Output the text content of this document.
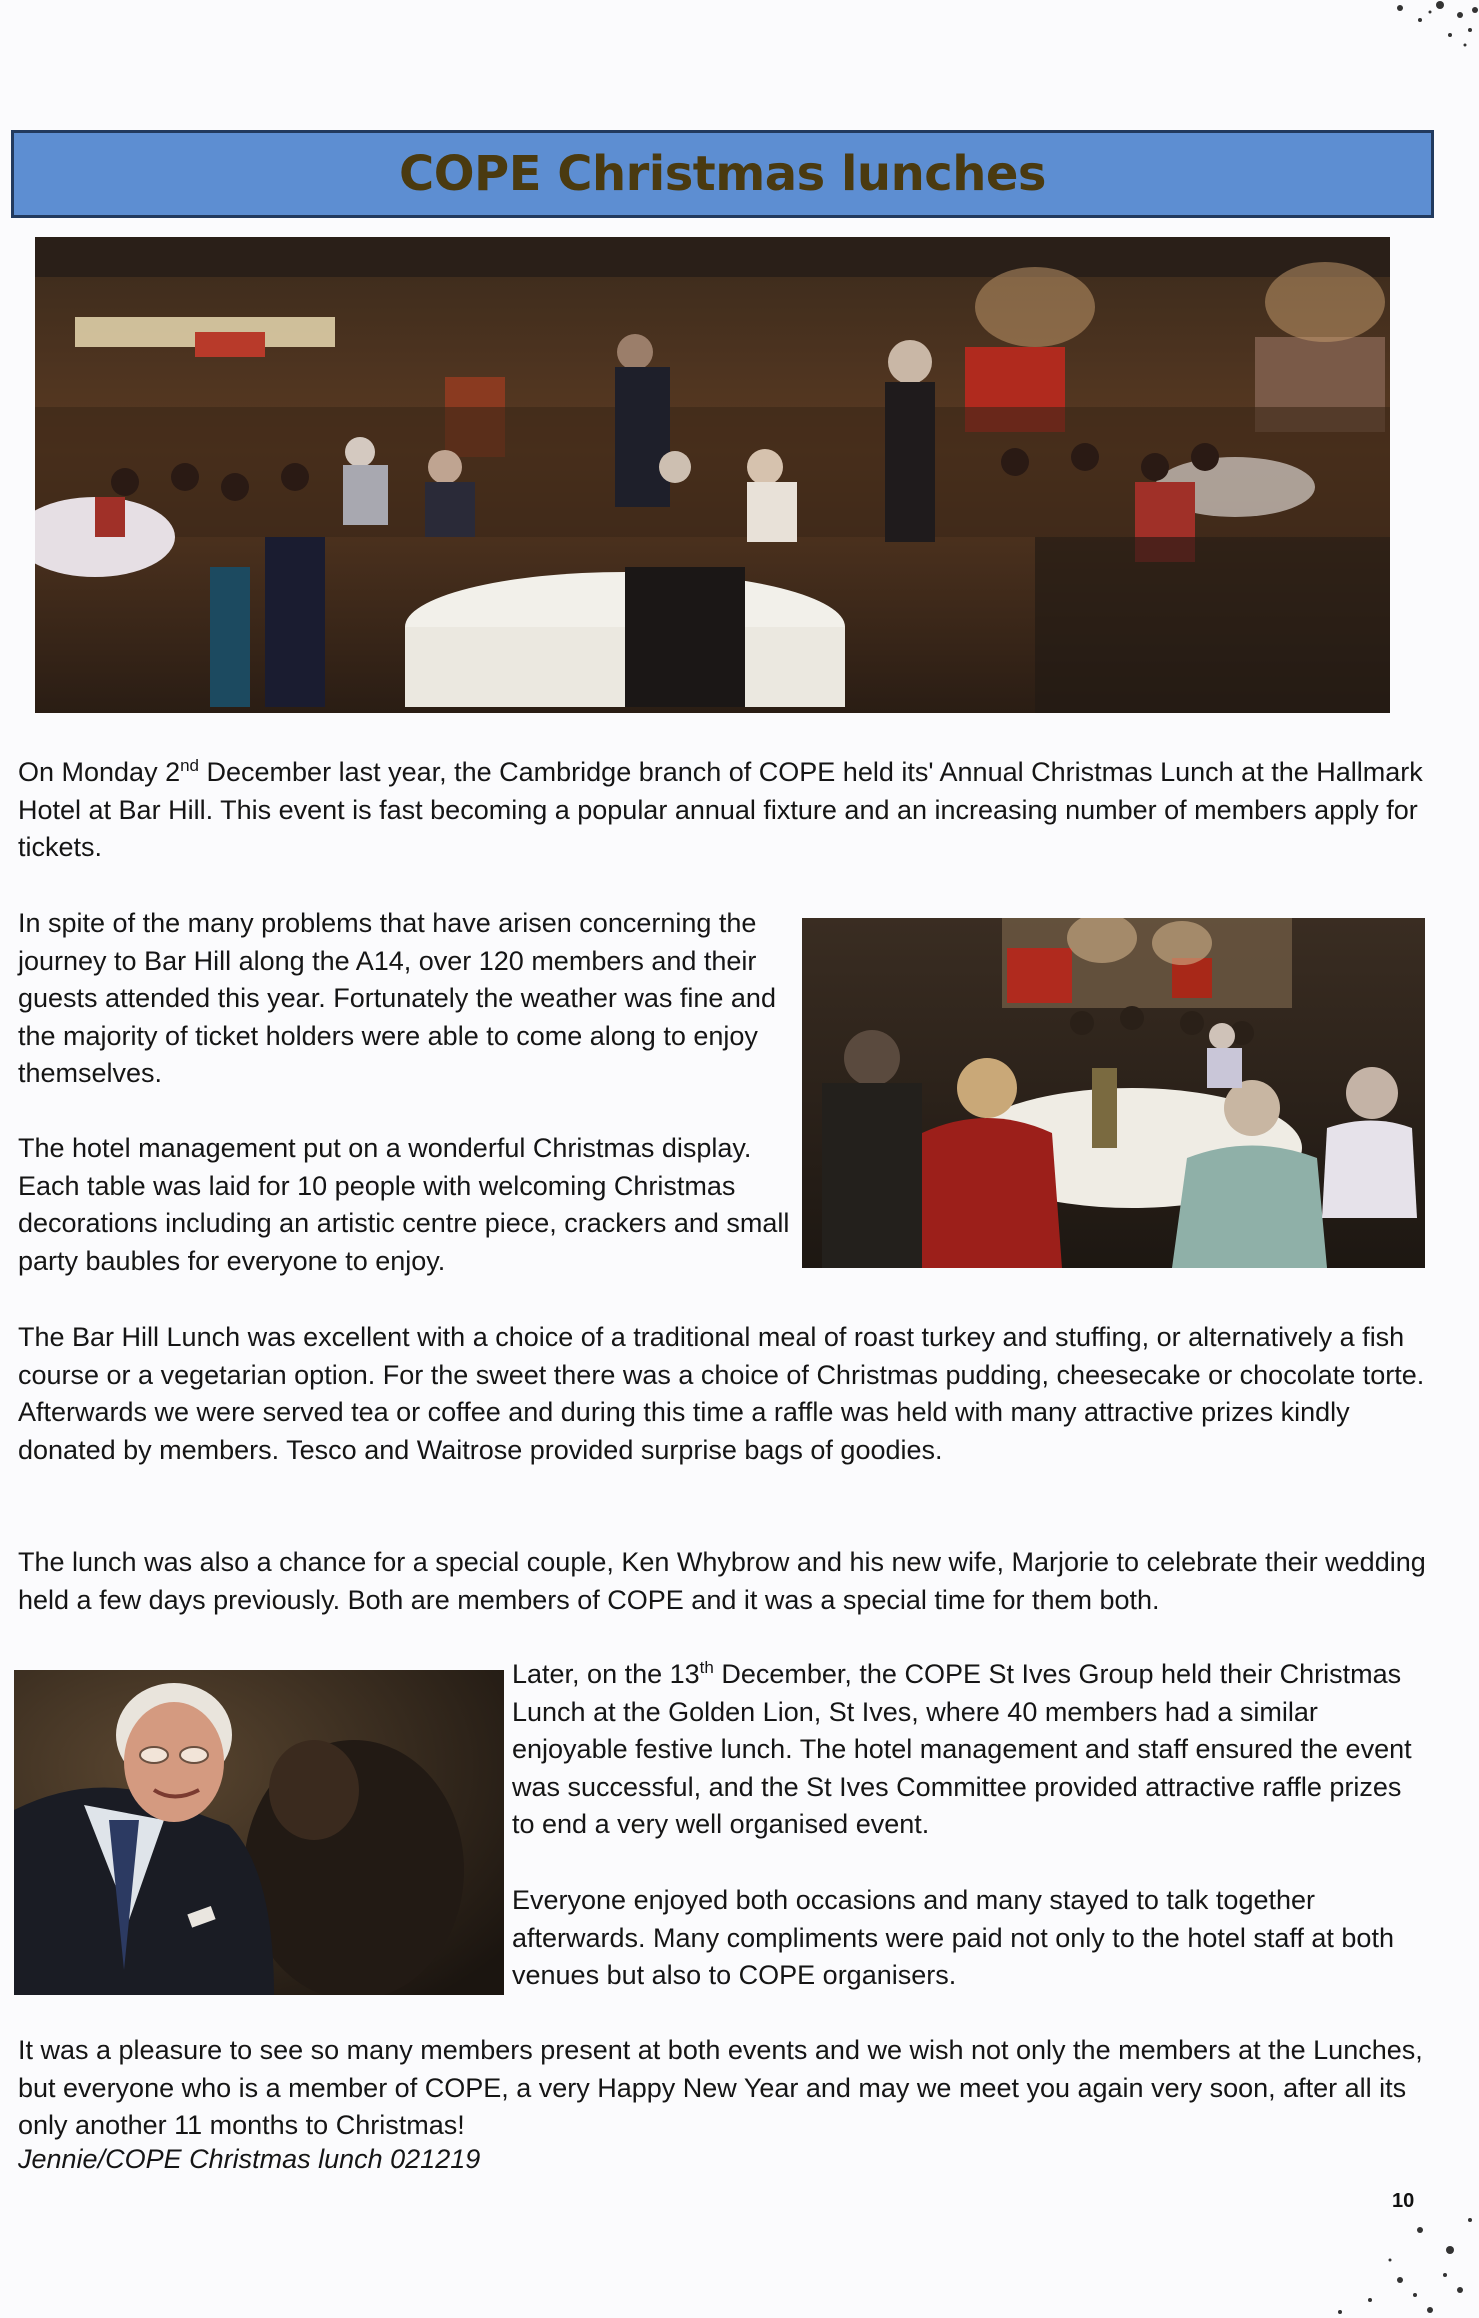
COPE Christmas lunches

On Monday 2nd December last year, the Cambridge branch of COPE held its' Annual Christmas Lunch at the Hallmark Hotel at Bar Hill. This event is fast becoming a popular annual fixture and an increasing number of members apply for tickets.

In spite of the many problems that have arisen concerning the journey to Bar Hill along the A14, over 120 members and their guests attended this year. Fortunately the weather was fine and the majority of ticket holders were able to come along to enjoy themselves.

The hotel management put on a wonderful Christmas display. Each table was laid for 10 people with welcoming Christmas decorations including an artistic centre piece, crackers and small party baubles for everyone to enjoy.

The Bar Hill Lunch was excellent with a choice of a traditional meal of roast turkey and stuffing, or alternatively a fish course or a vegetarian option. For the sweet there was a choice of Christmas pudding, cheesecake or chocolate torte. Afterwards we were served tea or coffee and during this time a raffle was held with many attractive prizes kindly donated by members. Tesco and Waitrose provided surprise bags of goodies.

The lunch was also a chance for a special couple, Ken Whybrow and his new wife, Marjorie to celebrate their wedding held a few days previously. Both are members of COPE and it was a special time for them both.

Later, on the 13th December, the COPE St Ives Group held their Christmas Lunch at the Golden Lion, St Ives, where 40 members had a similar enjoyable festive lunch. The hotel management and staff ensured the event was successful, and the St Ives Committee provided attractive raffle prizes to end a very well organised event.

Everyone enjoyed both occasions and many stayed to talk together afterwards. Many compliments were paid not only to the hotel staff at both venues but also to COPE organisers.

It was a pleasure to see so many members present at both events and we wish not only the members at the Lunches, but everyone who is a member of COPE, a very Happy New Year and may we meet you again very soon, after all its only another 11 months to Christmas!

Jennie/COPE Christmas lunch 021219

10
